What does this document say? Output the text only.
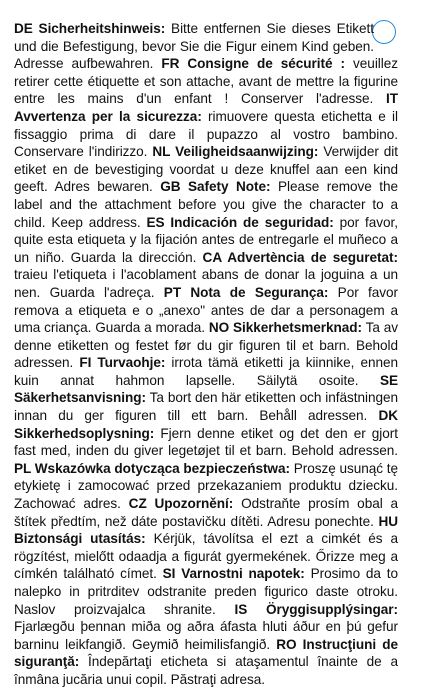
DE Sicherheitshinweis: Bitte entfernen Sie dieses Etikett und die Befestigung, bevor Sie die Figur einem Kind geben. Adresse aufbewahren. FR Consigne de sécurité : veuillez retirer cette étiquette et son attache, avant de mettre la figurine entre les mains d'un enfant ! Conserver l'adresse. IT Avvertenza per la sicurezza: rimuovere questa etichetta e il fissaggio prima di dare il pupazzo al vostro bambino. Conservare l'indirizzo. NL Veiligheidsaanwijzing: Verwijder dit etiket en de bevestiging voordat u deze knuffel aan een kind geeft. Adres bewaren. GB Safety Note: Please remove the label and the attachment before you give the character to a child. Keep address. ES Indicación de seguridad: por favor, quite esta etiqueta y la fijación antes de entregarle el muñeco a un niño. Guarda la dirección. CA Advertència de seguretat: traieu l'etiqueta i l'acoblament abans de donar la joguina a un nen. Guarda l'adreça. PT Nota de Segurança: Por favor remova a etiqueta e o „anexo" antes de dar a personagem a uma criança. Guarda a morada. NO Sikkerhetsmerknad: Ta av denne etiketten og festet før du gir figuren til et barn. Behold adressen. FI Turvaohje: irrota tämä etiketti ja kiinnike, ennen kuin annat hahmon lapselle. Säilytä osoite. SE Säkerhetsanvisning: Ta bort den här etiketten och infästningen innan du ger figuren till ett barn. Behåll adressen. DK Sikkerhedsoplysning: Fjern denne etiket og det den er gjort fast med, inden du giver legetøjet til et barn. Behold adressen. PL Wskazówka dotycząca bezpieczeństwa: Proszę usunąć tę etykietę i zamocować przed przekazaniem produktu dziecku. Zachować adres. CZ Upozornění: Odstraňte prosím obal a štítek předtím, než dáte postavičku dítěti. Adresu ponechte. HU Biztonsági utasítás: Kérjük, távolítsa el ezt a cimkét és a rögzítést, mielőtt odaadja a figurát gyermekének. Őrizze meg a címkén található címet. SI Varnostni napotek: Prosimo da to nalepko in pritrditev odstranite preden figurico daste otroku. Naslov proizvajalca shranite. IS Öryggisupplýsingar: Fjarlægðu þennan miða og aðra áfasta hluti áður en þú gefur barninu leikfangið. Geymið heimilisfangið. RO Instrucţiuni de siguranţă: Îndepărtaţi eticheta si ataşamentul înainte de a înmâna jucăria unui copil. Păstraţi adresa.
